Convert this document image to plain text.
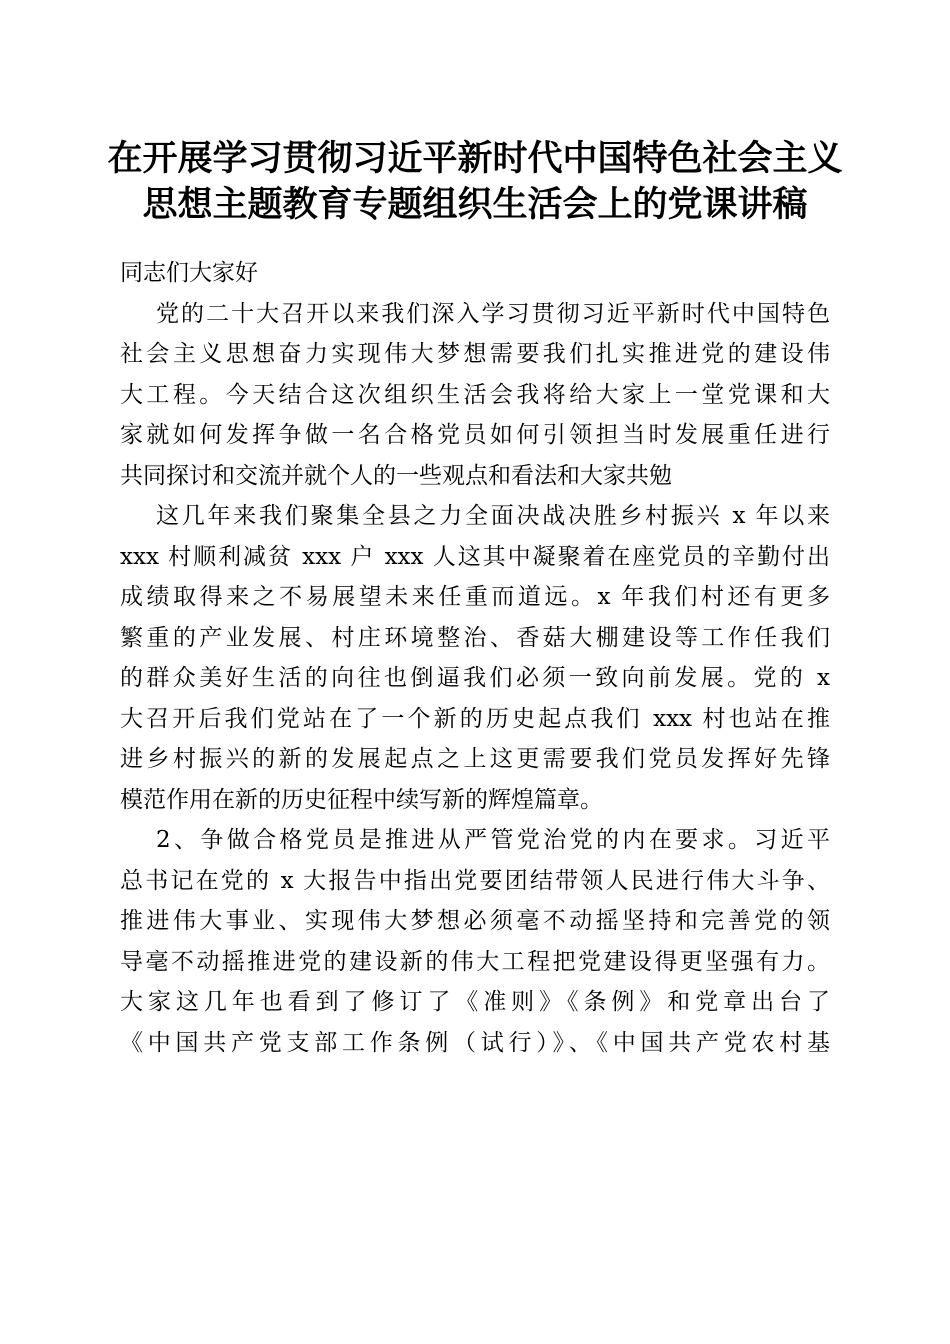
在开展学习贯彻习近平新时代中国特色社会主义
思想主题教育专题组织生活会上的党课讲稿
同志们大家好
党的二十大召开以来我们深入学习贯彻习近平新时代中国特色
社会主义思想奋力实现伟大梦想需要我们扎实推进党的建设伟
大工程。今天结合这次组织生活会我将给大家上一堂党课和大
家就如何发挥争做一名合格党员如何引领担当时发展重任进行
共同探讨和交流并就个人的一些观点和看法和大家共勉
这几年来我们聚集全县之力全面决战决胜乡村振兴 x 年以来
xxx 村顺利减贫 xxx 户 xxx 人这其中凝聚着在座党员的辛勤付出
成绩取得来之不易展望未来任重而道远。x 年我们村还有更多
繁重的产业发展、村庄环境整治、香菇大棚建设等工作任我们
的群众美好生活的向往也倒逼我们必须一致向前发展。党的 x
大召开后我们党站在了一个新的历史起点我们 xxx 村也站在推
进乡村振兴的新的发展起点之上这更需要我们党员发挥好先锋
模范作用在新的历史征程中续写新的辉煌篇章。
2、争做合格党员是推进从严管党治党的内在要求。习近平
总书记在党的 x 大报告中指出党要团结带领人民进行伟大斗争、
推进伟大事业、实现伟大梦想必须毫不动摇坚持和完善党的领
导毫不动摇推进党的建设新的伟大工程把党建设得更坚强有力。
大家这几年也看到了修订了《准则》《条例》和党章出台了
《中国共产党支部工作条例（试行）》、《中国共产党农村基
